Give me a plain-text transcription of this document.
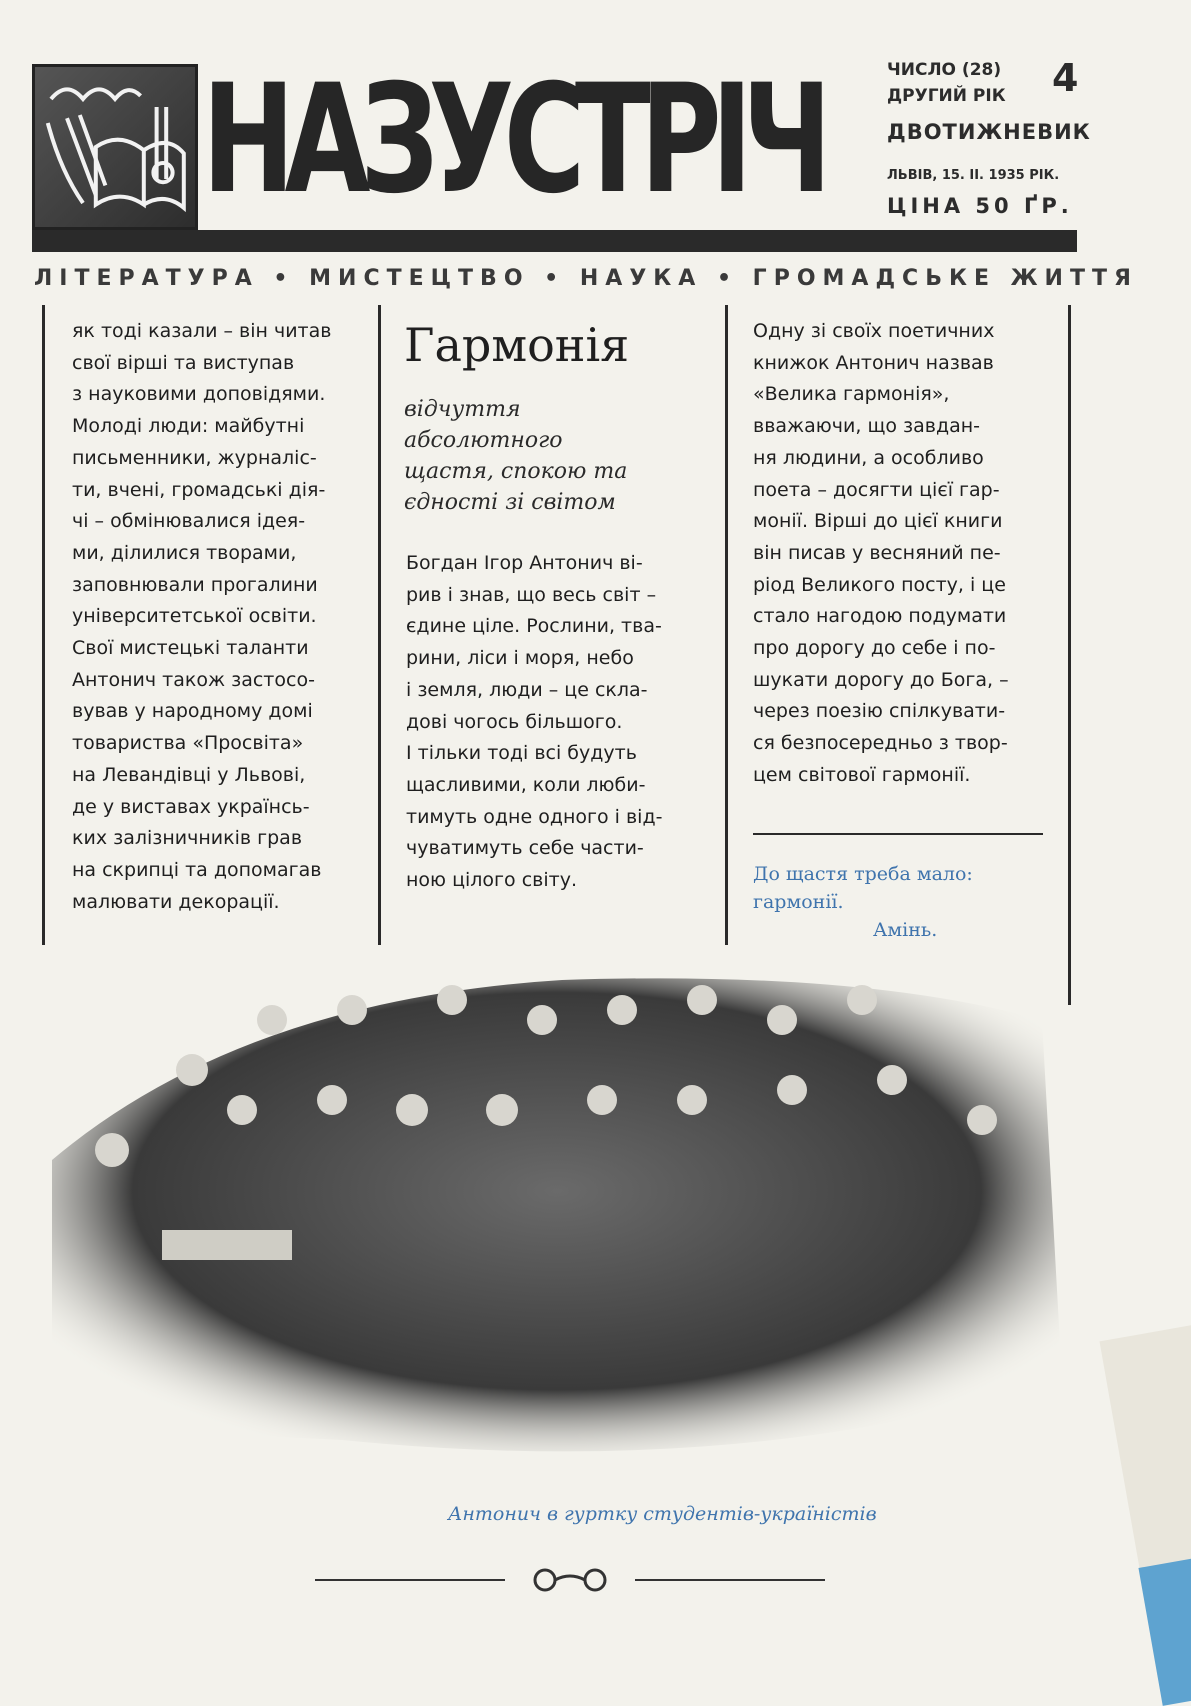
НАЗУСТРІЧ	ЧИСЛО (28)
ДРУГИЙ РІК 4
ДВОТИЖНЕВИК
ЛЬВІВ, 15. II. 1935 РІК.
ЦІНА 50 ҐР.
ЛІТЕРАТУРА • МИСТЕЦТВО • НАУКА • ГРОМАДСЬКЕ ЖИТТЯ
як тоді казали – він читав
свої вірші та виступав
з науковими доповідями.
Молоді люди: майбутні
письменники, журналіс-
ти, вчені, громадські дія-
чі – обмінювалися ідея-
ми, ділилися творами,
заповнювали прогалини
університетської освіти.
Свої мистецькі таланти
Антонич також застосо-
вував у народному домі
товариства «Просвіта»
на Левандівці у Львові,
де у виставах українсь-
ких залізничників грав
на скрипці та допомагав
малювати декорації.
Гармонія
відчуття
абсолютного
щастя, спокою та
єдності зі світом
Богдан Ігор Антонич ві-
рив і знав, що весь світ –
єдине ціле. Рослини, тва-
рини, ліси і моря, небо
і земля, люди – це скла-
дові чогось більшого.
І тільки тоді всі будуть
щасливими, коли люби-
тимуть одне одного і від-
чуватимуть себе части-
ною цілого світу.
Одну зі своїх поетичних
книжок Антонич назвав
«Велика гармонія»,
вважаючи, що завдан-
ня людини, а особливо
поета – досягти цієї гар-
монії. Вірші до цієї книги
він писав у весняний пе-
ріод Великого посту, і це
стало нагодою подумати
про дорогу до себе і по-
шукати дорогу до Бога, –
через поезію спілкувати-
ся безпосередньо з твор-
цем світової гармонії.
До щастя треба мало:
гармонії.
Амінь.
Антонич в гуртку студентів-україністів
